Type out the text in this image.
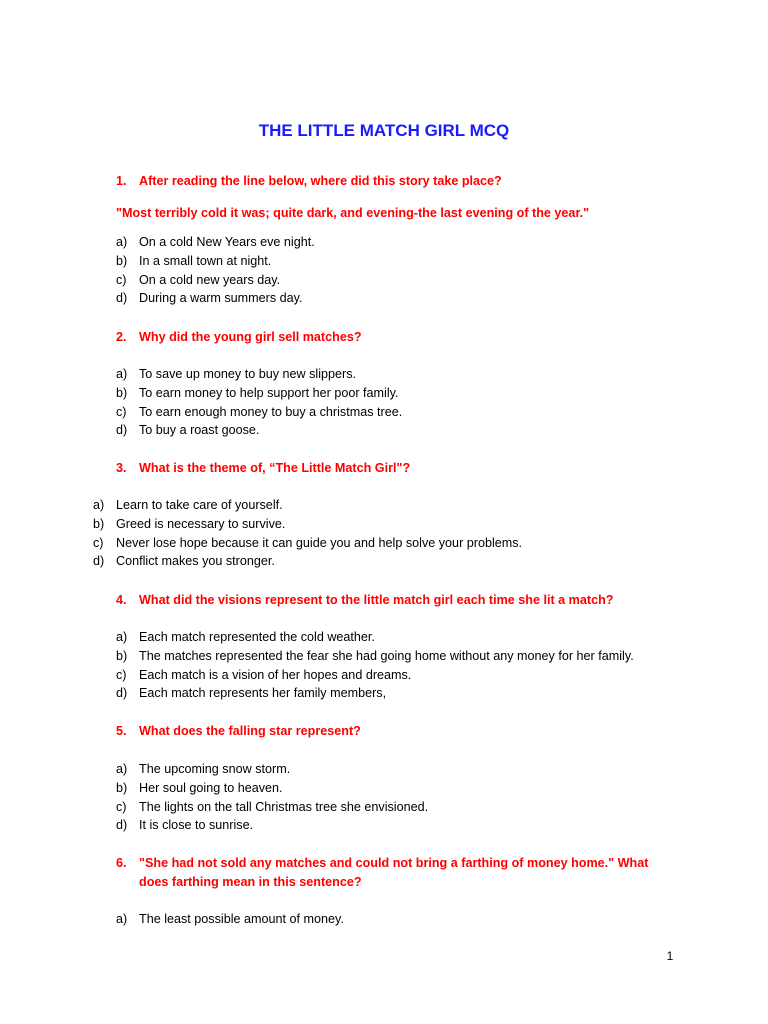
THE LITTLE MATCH GIRL MCQ
1. After reading the line below, where did this story take place?
"Most terribly cold it was; quite dark, and evening-the last evening of the year."
a) On a cold New Years eve night.
b) In a small town at night.
c) On a cold new years day.
d) During a warm summers day.
2. Why did the young girl sell matches?
a) To save up money to buy new slippers.
b) To earn money to help support her poor family.
c) To earn enough money to buy a christmas tree.
d) To buy a roast goose.
3. What is the theme of, “The Little Match Girl"?
a) Learn to take care of yourself.
b) Greed is necessary to survive.
c) Never lose hope because it can guide you and help solve your problems.
d) Conflict makes you stronger.
4. What did the visions represent to the little match girl each time she lit a match?
a) Each match represented the cold weather.
b) The matches represented the fear she had going home without any money for her family.
c) Each match is a vision of her hopes and dreams.
d) Each match represents her family members,
5. What does the falling star represent?
a) The upcoming snow storm.
b) Her soul going to heaven.
c) The lights on the tall Christmas tree she envisioned.
d) It is close to sunrise.
6. "She had not sold any matches and could not bring a farthing of money home." What does farthing mean in this sentence?
a) The least possible amount of money.
1
